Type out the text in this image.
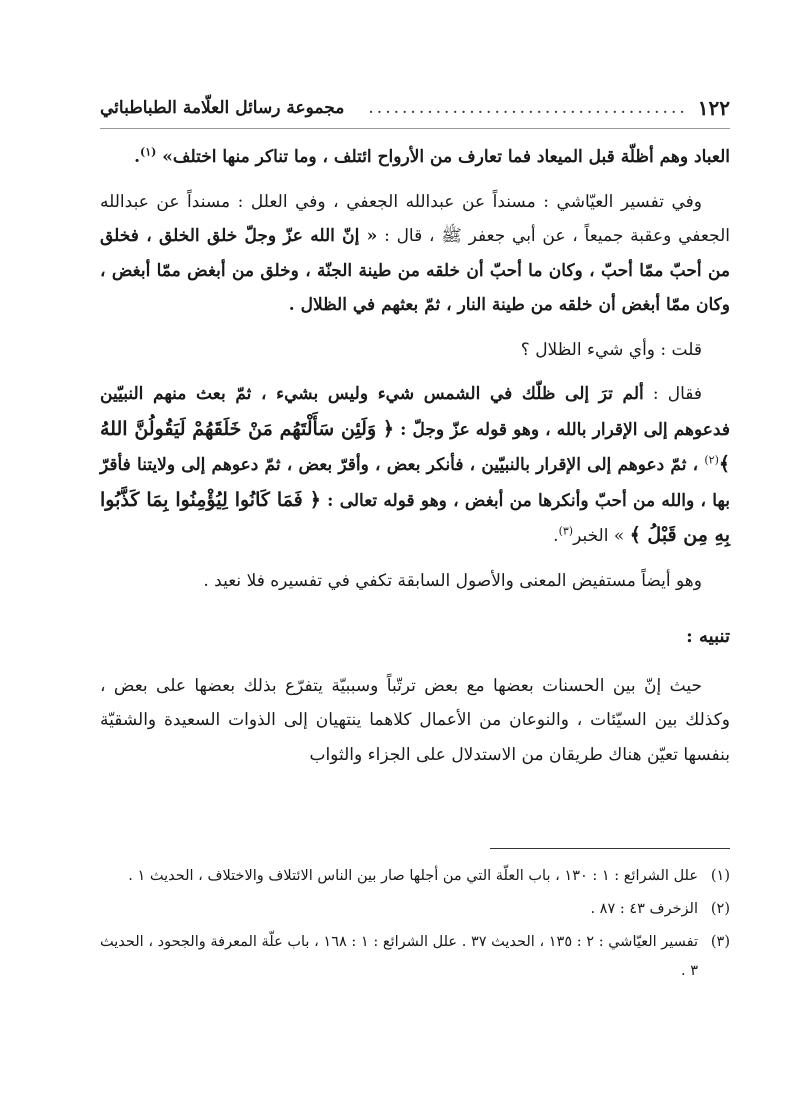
١٢٢
......................................
مجموعة رسائل العلّامة الطباطبائي

العباد وهم أظلّة قبل الميعاد فما تعارف من الأرواح ائتلف ، وما تناكر منها اختلف» $^{(١)}$.

وفي تفسير العيّاشي : مسنداً عن عبدالله الجعفي ، وفي العلل : مسنداً عن عبدالله الجعفي وعقبة جميعاً ، عن أبي جعفر ﷺ ، قال : « إنّ الله عزّ وجلّ خلق الخلق ، فخلق من أحبّ ممّا أحبّ ، وكان ما أحبّ أن خلقه من طينة الجنّة ، وخلق من أبغض ممّا أبغض ، وكان ممّا أبغض أن خلقه من طينة النار ، ثمّ بعثهم في الظلال .

قلت : وأي شيء الظلال ؟

فقال : ألم ترَ إلى ظلّك في الشمس شيء وليس بشيء ، ثمّ بعث منهم النبيّين فدعوهم إلى الإقرار بالله ، وهو قوله عزّ وجلّ : ﴿ وَلَئِن سَأَلْتَهُم مَنْ خَلَقَهُمْ لَيَقُولُنَّ اللهُ ﴾$^{(٢)}$ ، ثمّ دعوهم إلى الإقرار بالنبيّين ، فأنكر بعض ، وأقرّ بعض ، ثمّ دعوهم إلى ولايتنا فأقرّ بها ، والله من أحبّ وأنكرها من أبغض ، وهو قوله تعالى : ﴿ فَمَا كَانُوا لِيُؤْمِنُوا بِمَا كَذَّبُوا بِهِ مِن قَبْلُ ﴾ » الخبر$^{(٣)}$.

وهو أيضاً مستفيض المعنى والأصول السابقة تكفي في تفسيره فلا نعيد .

تنبيه :

حيث إنّ بين الحسنات بعضها مع بعض ترتّباً وسببيّة يتفرّع بذلك بعضها على بعض ، وكذلك بين السيّئات ، والنوعان من الأعمال كلاهما ينتهيان إلى الذوات السعيدة والشقيّة بنفسها تعيّن هناك طريقان من الاستدلال على الجزاء والثواب

(١)
علل الشرائع : ١ : ١٣٠ ، باب العلّة التي من أجلها صار بين الناس الائتلاف والاختلاف ، الحديث ١ .
(٢)
الزخرف ٤٣ : ٨٧ .
(٣)
تفسير العيّاشي : ٢ : ١٣٥ ، الحديث ٣٧ . علل الشرائع : ١ : ١٦٨ ، باب علّة المعرفة والجحود ، الحديث ٣ .
